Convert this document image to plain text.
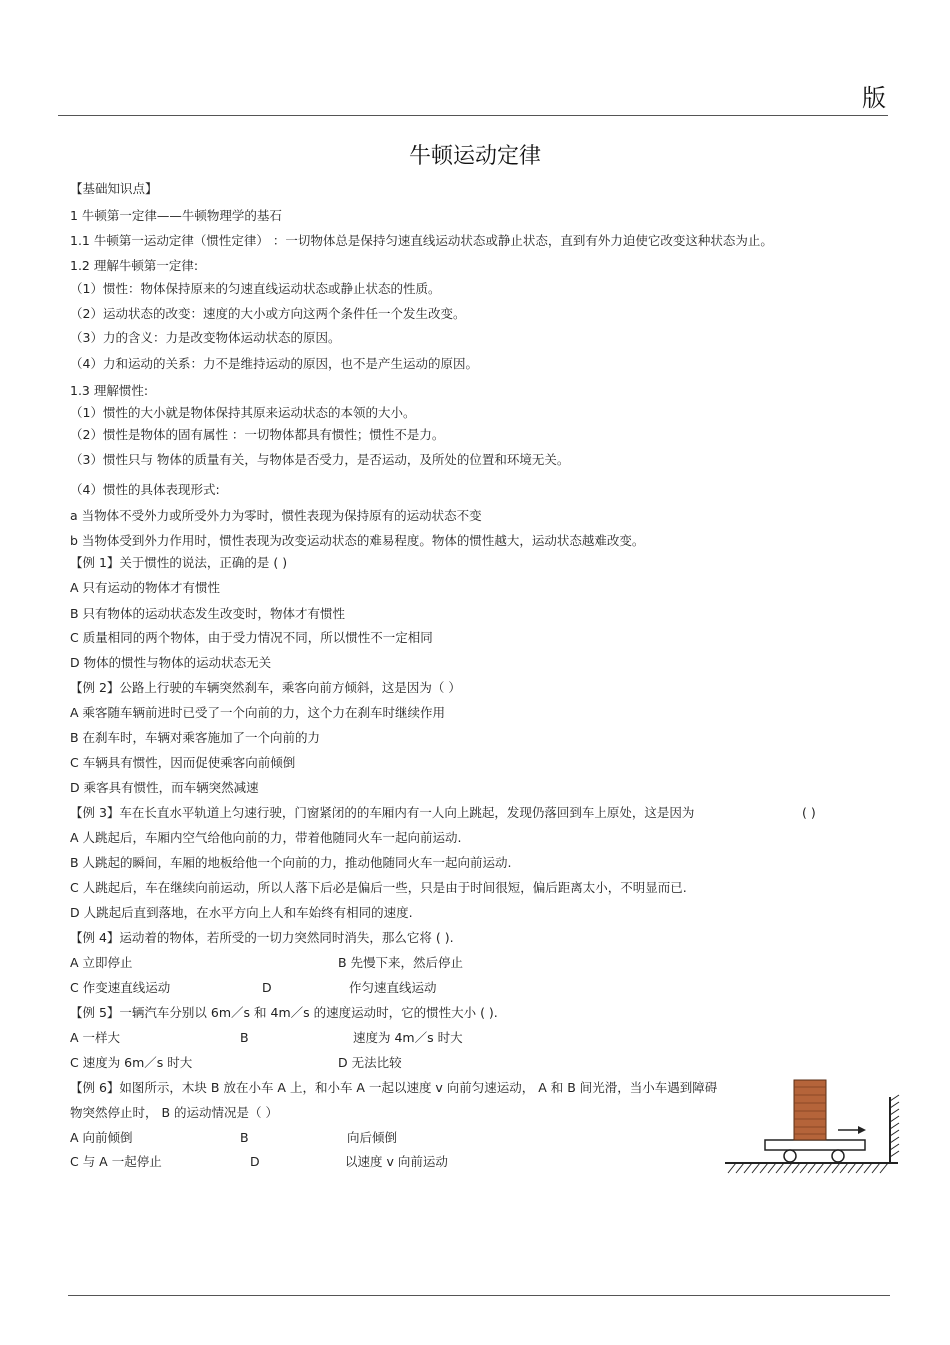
版
牛顿运动定律
【基础知识点】
1 牛顿第一定律——牛顿物理学的基石
1.1 牛顿第一运动定律（惯性定律） ：一切物体总是保持匀速直线运动状态或静止状态，直到有外力迫使它改变这种状态为止。
1.2 理解牛顿第一定律:
（1）惯性：物体保持原来的匀速直线运动状态或静止状态的性质。
（2）运动状态的改变：速度的大小或方向这两个条件任一个发生改变。
（3）力的含义：力是改变物体运动状态的原因。
（4）力和运动的关系：力不是维持运动的原因，也不是产生运动的原因。
1.3 理解惯性:
（1）惯性的大小就是物体保持其原来运动状态的本领的大小。
（2）惯性是物体的固有属性 ：一切物体都具有惯性；惯性不是力。
（3）惯性只与 物体的质量有关，与物体是否受力，是否运动，及所处的位置和环境无关。
（4）惯性的具体表现形式:
a 当物体不受外力或所受外力为零时，惯性表现为保持原有的运动状态不变
b 当物体受到外力作用时，惯性表现为改变运动状态的难易程度。物体的惯性越大，运动状态越难改变。
【例 1】关于惯性的说法，正确的是 ( )
A 只有运动的物体才有惯性
B 只有物体的运动状态发生改变时，物体才有惯性
C 质量相同的两个物体，由于受力情况不同，所以惯性不一定相同
D 物体的惯性与物体的运动状态无关
【例 2】公路上行驶的车辆突然刹车，乘客向前方倾斜，这是因为（ ）
A 乘客随车辆前进时已受了一个向前的力，这个力在刹车时继续作用
B 在刹车时，车辆对乘客施加了一个向前的力
C 车辆具有惯性，因而促使乘客向前倾倒
D 乘客具有惯性，而车辆突然减速
【例 3】车在长直水平轨道上匀速行驶，门窗紧闭的的车厢内有一人向上跳起，发现仍落回到车上原处，这是因为	( )
A 人跳起后，车厢内空气给他向前的力，带着他随同火车一起向前运动.
B 人跳起的瞬间，车厢的地板给他一个向前的力，推动他随同火车一起向前运动.
C 人跳起后，车在继续向前运动，所以人落下后必是偏后一些，只是由于时间很短，偏后距离太小，不明显而已.
D 人跳起后直到落地，在水平方向上人和车始终有相同的速度.
【例 4】运动着的物体，若所受的一切力突然同时消失，那么它将 ( ).
A 立即停止	B 先慢下来，然后停止
C 作变速直线运动	D	作匀速直线运动
【例 5】一辆汽车分别以 6m／s 和 4m／s 的速度运动时，它的惯性大小 ( ).
A 一样大	B	速度为 4m／s 时大
C 速度为 6m／s 时大	D 无法比较
【例 6】如图所示，木块 B 放在小车 A 上，和小车 A 一起以速度 v 向前匀速运动， A 和 B 间光滑，当小车遇到障碍
物突然停止时， B 的运动情况是（ ）
A 向前倾倒	B	向后倾倒
C 与 A 一起停止	D	以速度 v 向前运动
